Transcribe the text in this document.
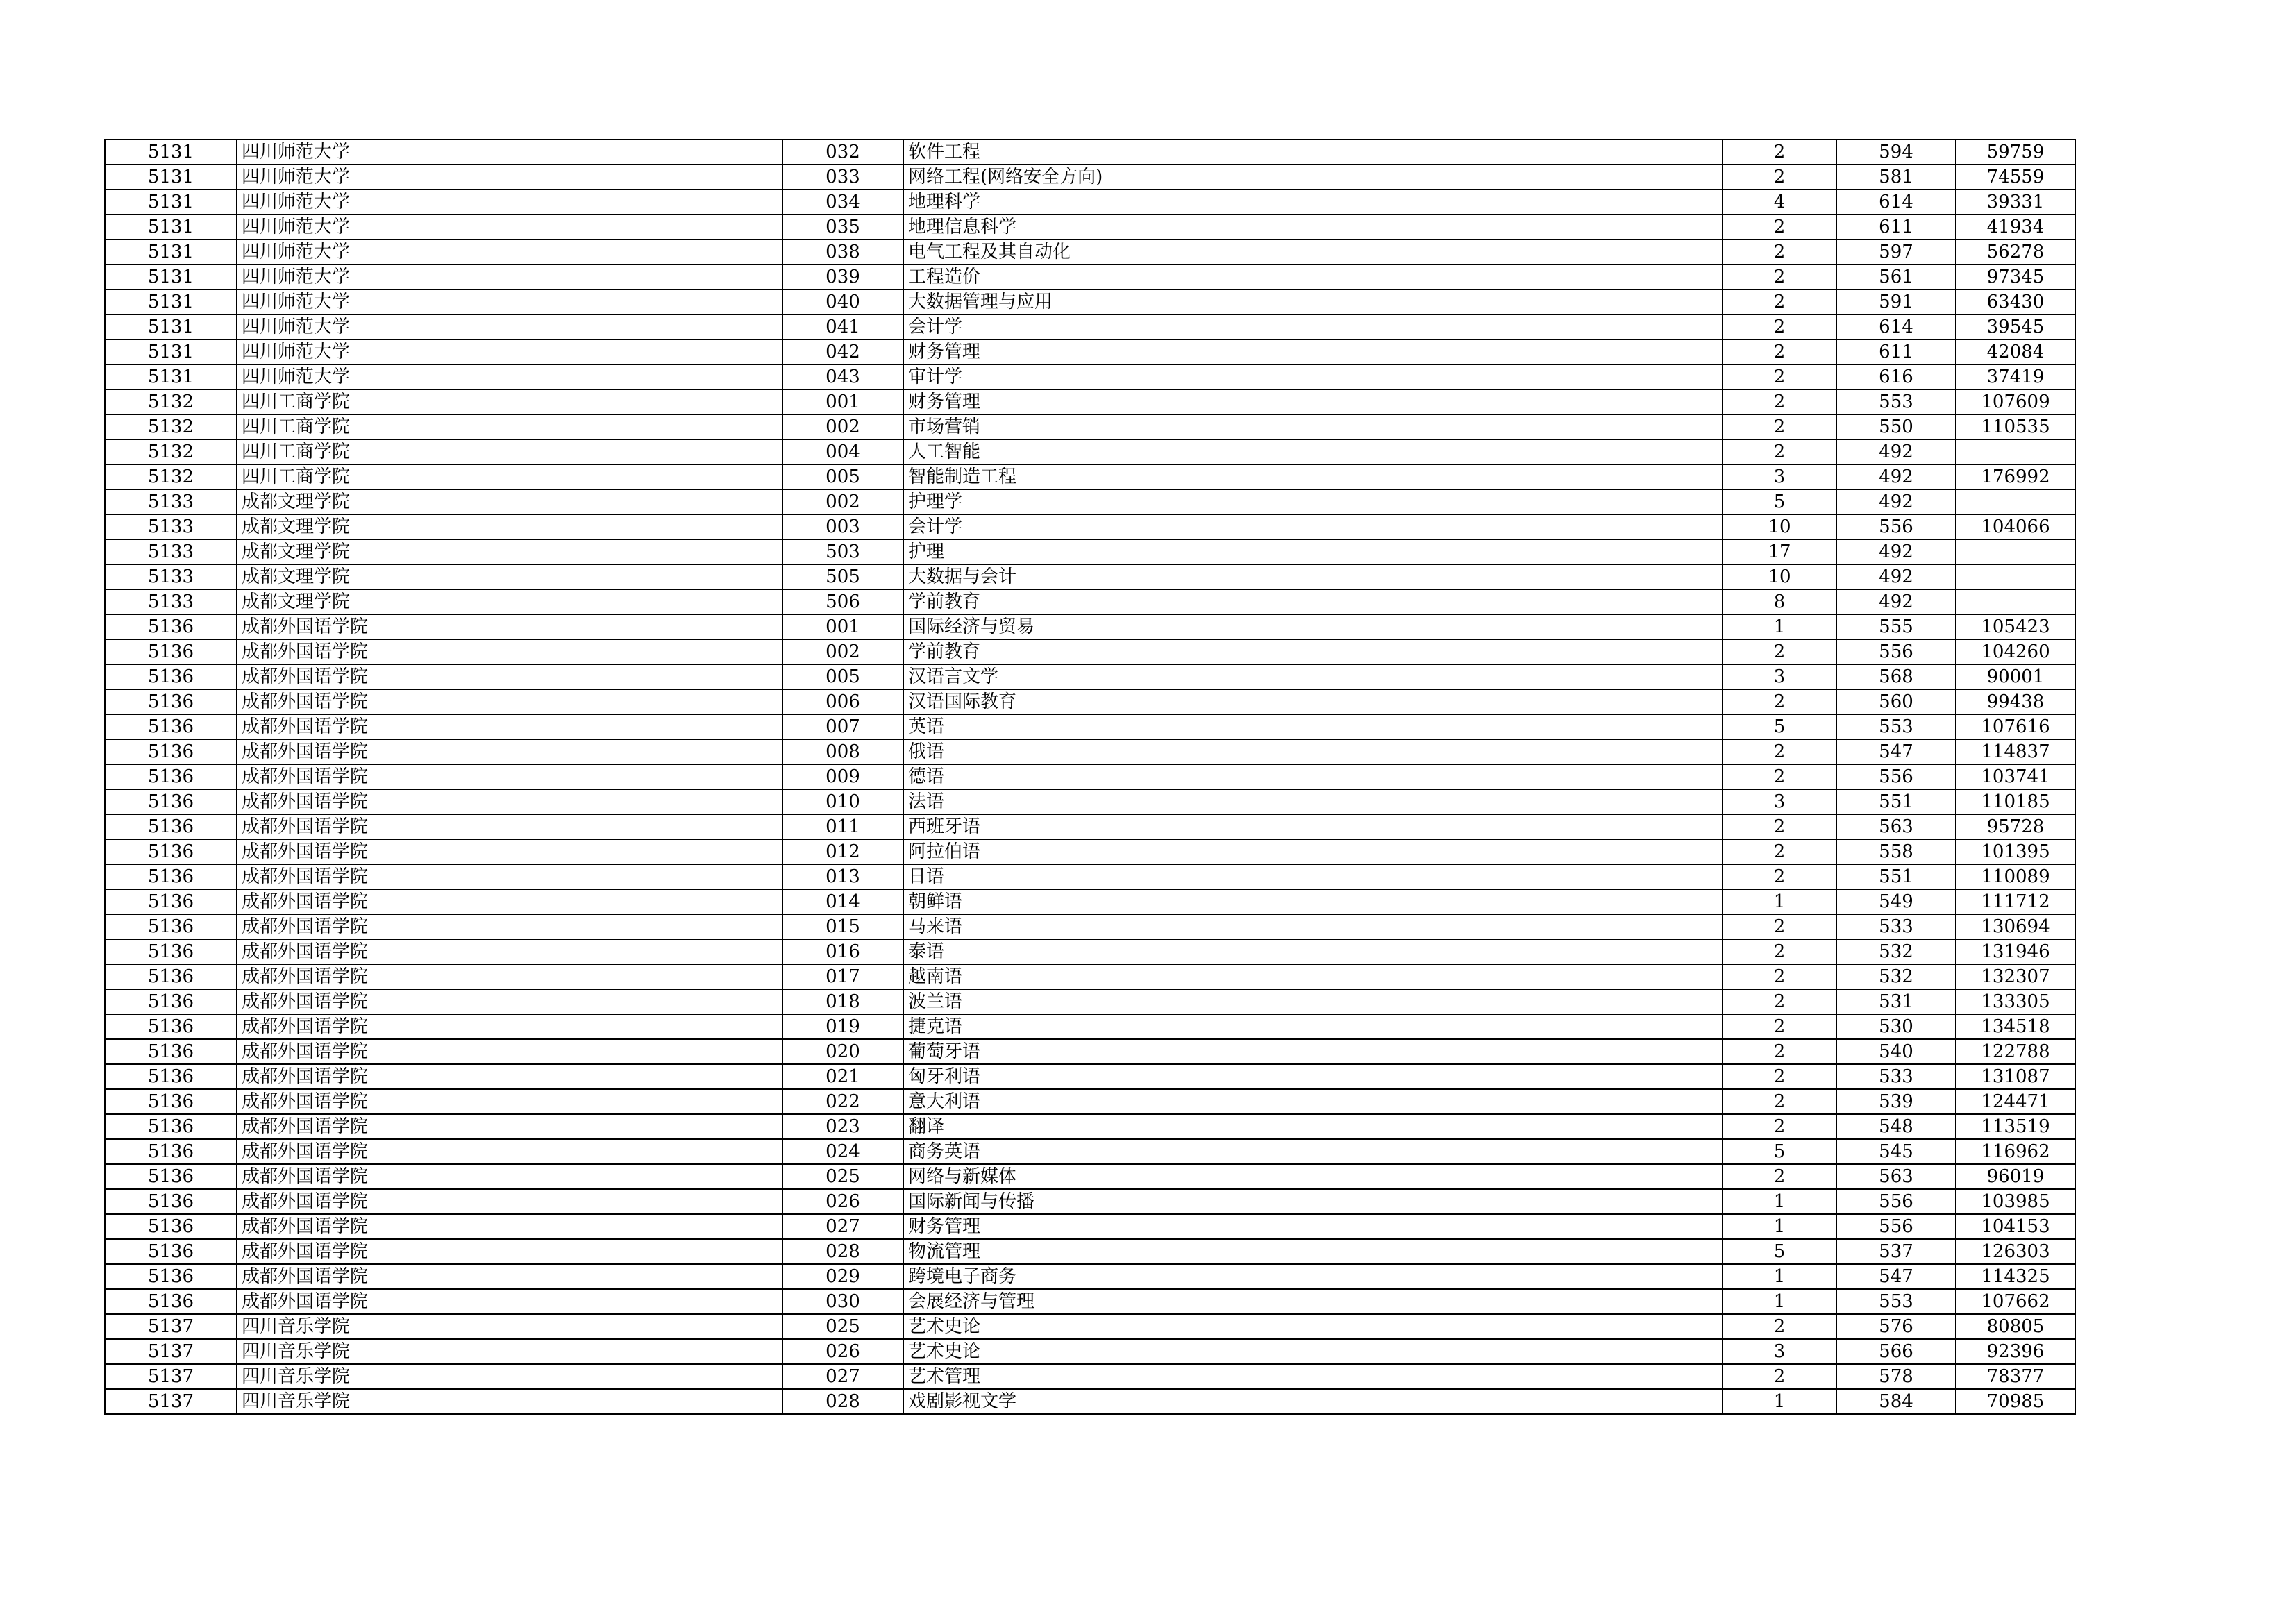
5131	四川师范大学	032	软件工程	2	594	59759
5131	四川师范大学	033	网络工程(网络安全方向)	2	581	74559
5131	四川师范大学	034	地理科学	4	614	39331
5131	四川师范大学	035	地理信息科学	2	611	41934
5131	四川师范大学	038	电气工程及其自动化	2	597	56278
5131	四川师范大学	039	工程造价	2	561	97345
5131	四川师范大学	040	大数据管理与应用	2	591	63430
5131	四川师范大学	041	会计学	2	614	39545
5131	四川师范大学	042	财务管理	2	611	42084
5131	四川师范大学	043	审计学	2	616	37419
5132	四川工商学院	001	财务管理	2	553	107609
5132	四川工商学院	002	市场营销	2	550	110535
5132	四川工商学院	004	人工智能	2	492	
5132	四川工商学院	005	智能制造工程	3	492	176992
5133	成都文理学院	002	护理学	5	492	
5133	成都文理学院	003	会计学	10	556	104066
5133	成都文理学院	503	护理	17	492	
5133	成都文理学院	505	大数据与会计	10	492	
5133	成都文理学院	506	学前教育	8	492	
5136	成都外国语学院	001	国际经济与贸易	1	555	105423
5136	成都外国语学院	002	学前教育	2	556	104260
5136	成都外国语学院	005	汉语言文学	3	568	90001
5136	成都外国语学院	006	汉语国际教育	2	560	99438
5136	成都外国语学院	007	英语	5	553	107616
5136	成都外国语学院	008	俄语	2	547	114837
5136	成都外国语学院	009	德语	2	556	103741
5136	成都外国语学院	010	法语	3	551	110185
5136	成都外国语学院	011	西班牙语	2	563	95728
5136	成都外国语学院	012	阿拉伯语	2	558	101395
5136	成都外国语学院	013	日语	2	551	110089
5136	成都外国语学院	014	朝鲜语	1	549	111712
5136	成都外国语学院	015	马来语	2	533	130694
5136	成都外国语学院	016	泰语	2	532	131946
5136	成都外国语学院	017	越南语	2	532	132307
5136	成都外国语学院	018	波兰语	2	531	133305
5136	成都外国语学院	019	捷克语	2	530	134518
5136	成都外国语学院	020	葡萄牙语	2	540	122788
5136	成都外国语学院	021	匈牙利语	2	533	131087
5136	成都外国语学院	022	意大利语	2	539	124471
5136	成都外国语学院	023	翻译	2	548	113519
5136	成都外国语学院	024	商务英语	5	545	116962
5136	成都外国语学院	025	网络与新媒体	2	563	96019
5136	成都外国语学院	026	国际新闻与传播	1	556	103985
5136	成都外国语学院	027	财务管理	1	556	104153
5136	成都外国语学院	028	物流管理	5	537	126303
5136	成都外国语学院	029	跨境电子商务	1	547	114325
5136	成都外国语学院	030	会展经济与管理	1	553	107662
5137	四川音乐学院	025	艺术史论	2	576	80805
5137	四川音乐学院	026	艺术史论	3	566	92396
5137	四川音乐学院	027	艺术管理	2	578	78377
5137	四川音乐学院	028	戏剧影视文学	1	584	70985
